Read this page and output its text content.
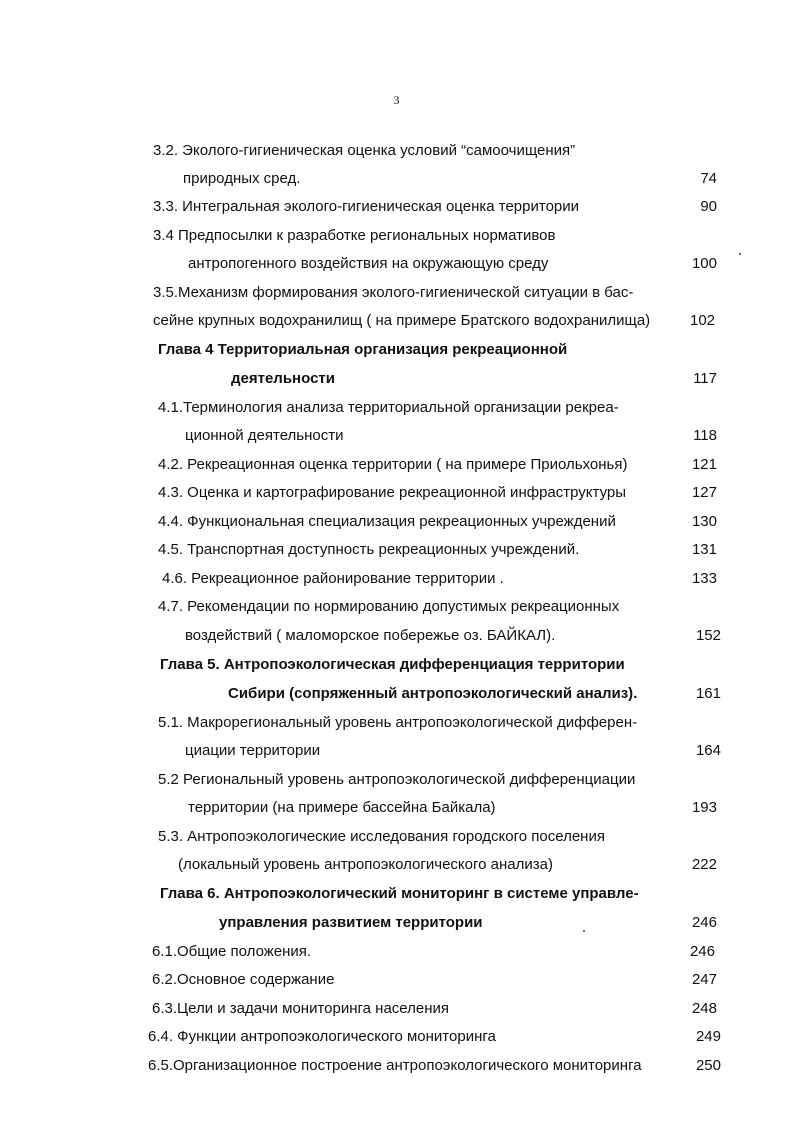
3
3.2. Эколого-гигиеническая оценка условий “самоочищения”
природных сред.	74
3.3. Интегральная эколого-гигиеническая оценка территории	90
3.4 Предпосылки к разработке региональных нормативов
антропогенного воздействия на окружающую среду	100
3.5.Механизм формирования эколого-гигиенической ситуации в бас-
сейне крупных водохранилищ ( на примере Братского водохранилища)	102
Глава 4 Территориальная организация рекреационной
деятельности	117
4.1.Терминология анализа территориальной организации рекреа-
ционной деятельности	118
4.2. Рекреационная оценка территории ( на примере Приольхонья)	121
4.3. Оценка и картографирование рекреационной инфраструктуры	127
4.4. Функциональная специализация рекреационных учреждений	130
4.5. Транспортная доступность рекреационных учреждений.	131
4.6. Рекреационное районирование территории .	133
4.7. Рекомендации по нормированию допустимых рекреационных
воздействий ( маломорское побережье оз. БАЙКАЛ).	152
Глава 5. Антропоэкологическая дифференциация территории
Сибири (сопряженный антропоэкологический анализ).	161
5.1. Макрорегиональный уровень антропоэкологической дифферен-
циации территории	164
5.2 Региональный уровень антропоэкологической дифференциации
территории (на примере бассейна Байкала)	193
5.3. Антропоэкологические исследования городского поселения
(локальный уровень антропоэкологического анализа)	222
Глава 6. Антропоэкологический мониторинг в системе управле-
управления развитием территории	246
6.1.Общие положения.	246
6.2.Основное содержание	247
6.3.Цели и задачи мониторинга населения	248
6.4. Функции антропоэкологического мониторинга	249
6.5.Организационное построение антропоэкологического мониторинга	250
